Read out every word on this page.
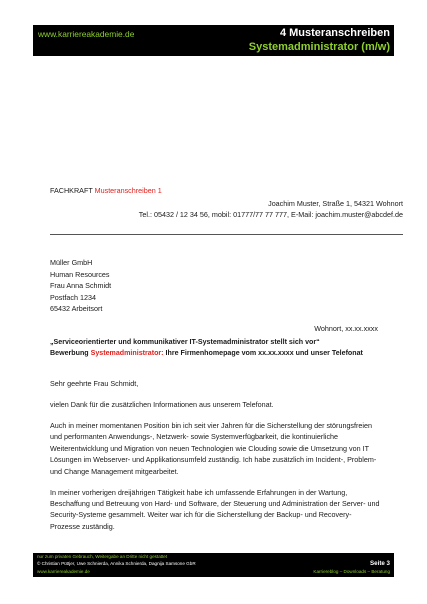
www.karriereakademie.de	4 Musteranschreiben
Systemadministrator (m/w)
FACHKRAFT Musteranschreiben 1
Joachim Muster, Straße 1, 54321 Wohnort
Tel.: 05432 / 12 34 56, mobil: 01777/77 77 777, E-Mail: joachim.muster@abcdef.de
Müller GmbH
Human Resources
Frau Anna Schmidt
Postfach 1234
65432 Arbeitsort
Wohnort, xx.xx.xxxx
„Serviceorientierter und kommunikativer IT-Systemadministrator stellt sich vor“
Bewerbung Systemadministrator: Ihre Firmenhomepage vom xx.xx.xxxx und unser Telefonat

Sehr geehrte Frau Schmidt,

vielen Dank für die zusätzlichen Informationen aus unserem Telefonat.

Auch in meiner momentanen Position bin ich seit vier Jahren für die Sicherstellung der störungsfreien und performanten Anwendungs-, Netzwerk- sowie Systemverfügbarkeit, die kontinuierliche Weiterentwicklung und Migration von neuen Technologien wie Clouding sowie die Umsetzung von IT Lösungen im Webserver- und Applikationsumfeld zuständig. Ich habe zusätzlich im Incident-, Problem- und Change Management mitgearbeitet.

In meiner vorherigen dreijährigen Tätigkeit habe ich umfassende Erfahrungen in der Wartung, Beschaffung und Betreuung von Hard- und Software, der Steuerung und Administration der Server- und Security-Systeme gesammelt. Weiter war ich für die Sicherstellung der Backup- und Recovery-Prozesse zuständig.

nur zum privaten Gebrauch, Weitergabe an Dritte nicht gestattet
© Christian Püttjer, Uwe Schnierda, Annika Schnierda, Dagnija Samsone GbR	Seite 3
www.karriereakademie.de	Karriereblog – Downloads – Beratung
